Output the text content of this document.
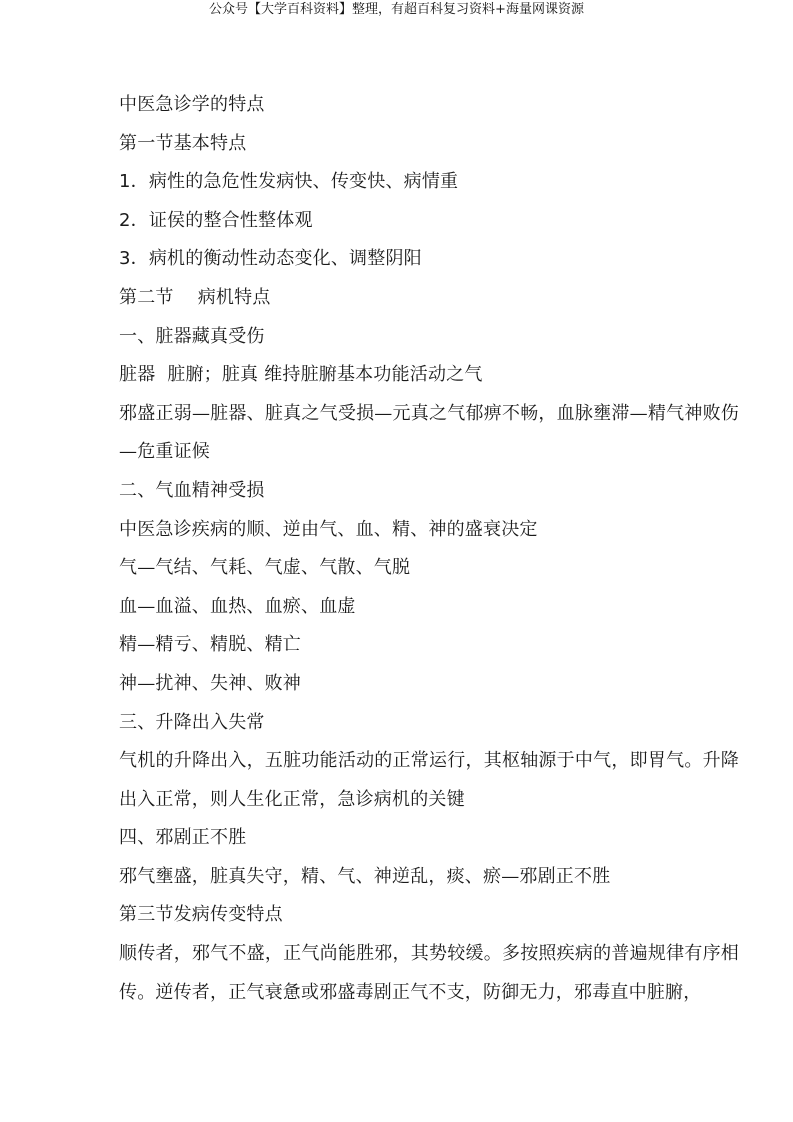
公众号【大学百科资料】整理，有超百科复习资料+海量网课资源
中医急诊学的特点
第一节基本特点
1．病性的急危性发病快、传变快、病情重
2．证侯的整合性整体观
3．病机的衡动性动态变化、调整阴阳
第二节　 病机特点
一、脏器藏真受伤
脏器  脏腑；脏真 维持脏腑基本功能活动之气
邪盛正弱—脏器、脏真之气受损—元真之气郁痹不畅，血脉壅滞—精气神败伤—危重证候
二、气血精神受损
中医急诊疾病的顺、逆由气、血、精、神的盛衰决定
气—气结、气耗、气虚、气散、气脱
血—血溢、血热、血瘀、血虚
精—精亏、精脱、精亡
神—扰神、失神、败神
三、升降出入失常
气机的升降出入，五脏功能活动的正常运行，其枢轴源于中气，即胃气。升降出入正常，则人生化正常，急诊病机的关键
四、邪剧正不胜
邪气壅盛，脏真失守，精、气、神逆乱，痰、瘀—邪剧正不胜
第三节发病传变特点
顺传者，邪气不盛，正气尚能胜邪，其势较缓。多按照疾病的普遍规律有序相传。逆传者，正气衰惫或邪盛毒剧正气不支，防御无力，邪毒直中脏腑，
